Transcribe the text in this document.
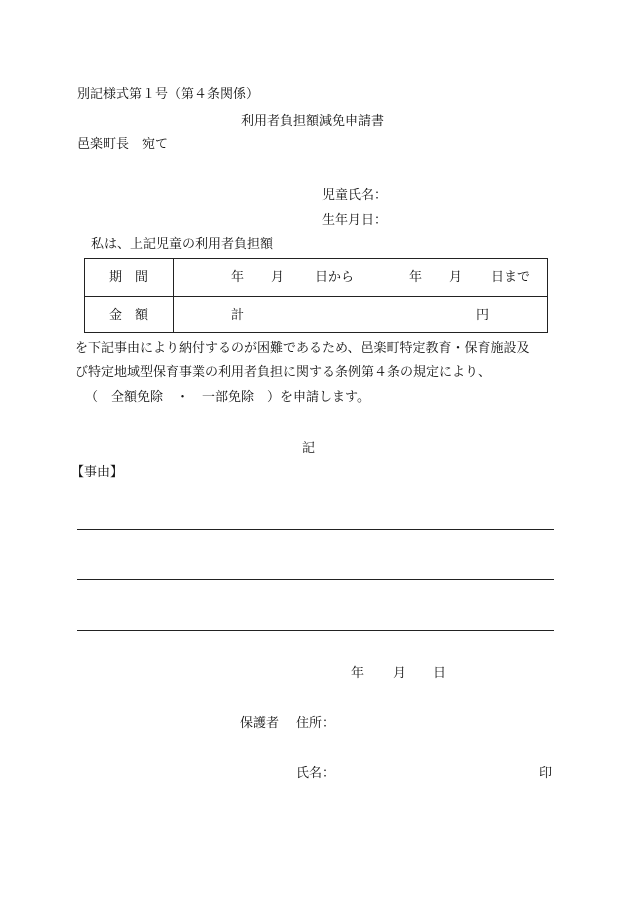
別記様式第１号（第４条関係）
利用者負担額減免申請書
邑楽町長　宛て
児童氏名：
生年月日：
私は、上記児童の利用者負担額
期　間	年 月 日から	年 月 日まで
金　額	計	円
を下記事由により納付するのが困難であるため、邑楽町特定教育・保育施設及
び特定地域型保育事業の利用者負担に関する条例第４条の規定により、
（　全額免除　・　一部免除　）を申請します。
記
【事由】
年 月 日
保護者 住所：
氏名：	印
